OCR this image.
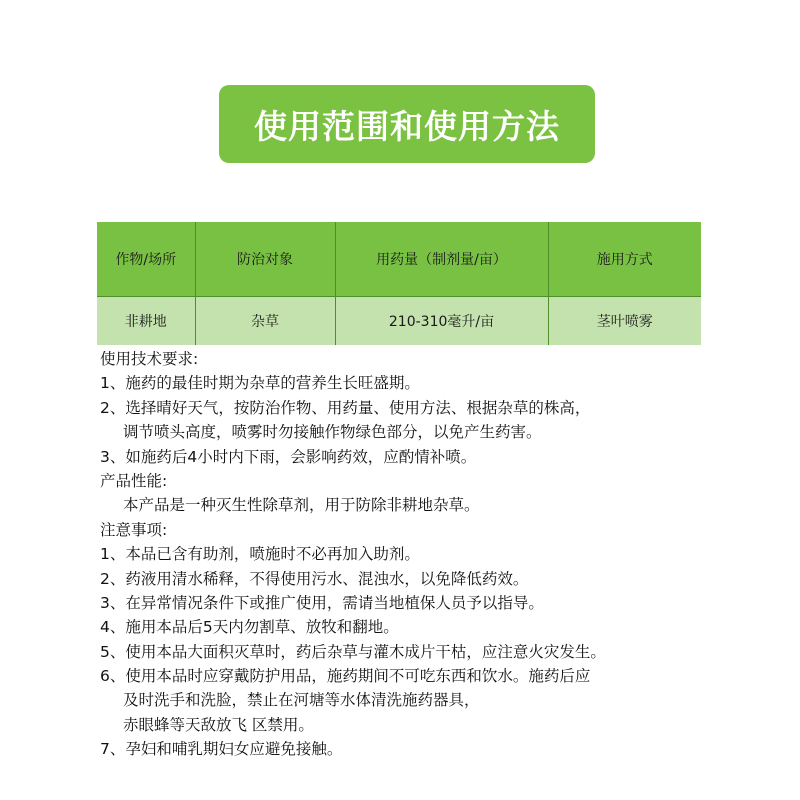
使用范围和使用方法
作物/场所	防治对象	用药量（制剂量/亩）	施用方式
非耕地	杂草	210-310毫升/亩	茎叶喷雾
使用技术要求:
1、施药的最佳时期为杂草的营养生长旺盛期。
2、选择晴好天气，按防治作物、用药量、使用方法、根据杂草的株高，
调节喷头高度，喷雾时勿接触作物绿色部分，以免产生药害。
3、如施药后4小时内下雨，会影响药效，应酌情补喷。
产品性能:
本产品是一种灭生性除草剂，用于防除非耕地杂草。
注意事项:
1、本品已含有助剂，喷施时不必再加入助剂。
2、药液用清水稀释，不得使用污水、混浊水，以免降低药效。
3、在异常情况条件下或推广使用，需请当地植保人员予以指导。
4、施用本品后5天内勿割草、放牧和翻地。
5、使用本品大面积灭草时，药后杂草与灌木成片干枯，应注意火灾发生。
6、使用本品时应穿戴防护用品，施药期间不可吃东西和饮水。施药后应
及时洗手和洗脸，禁止在河塘等水体清洗施药器具，
赤眼蜂等天敌放飞 区禁用。
7、孕妇和哺乳期妇女应避免接触。
